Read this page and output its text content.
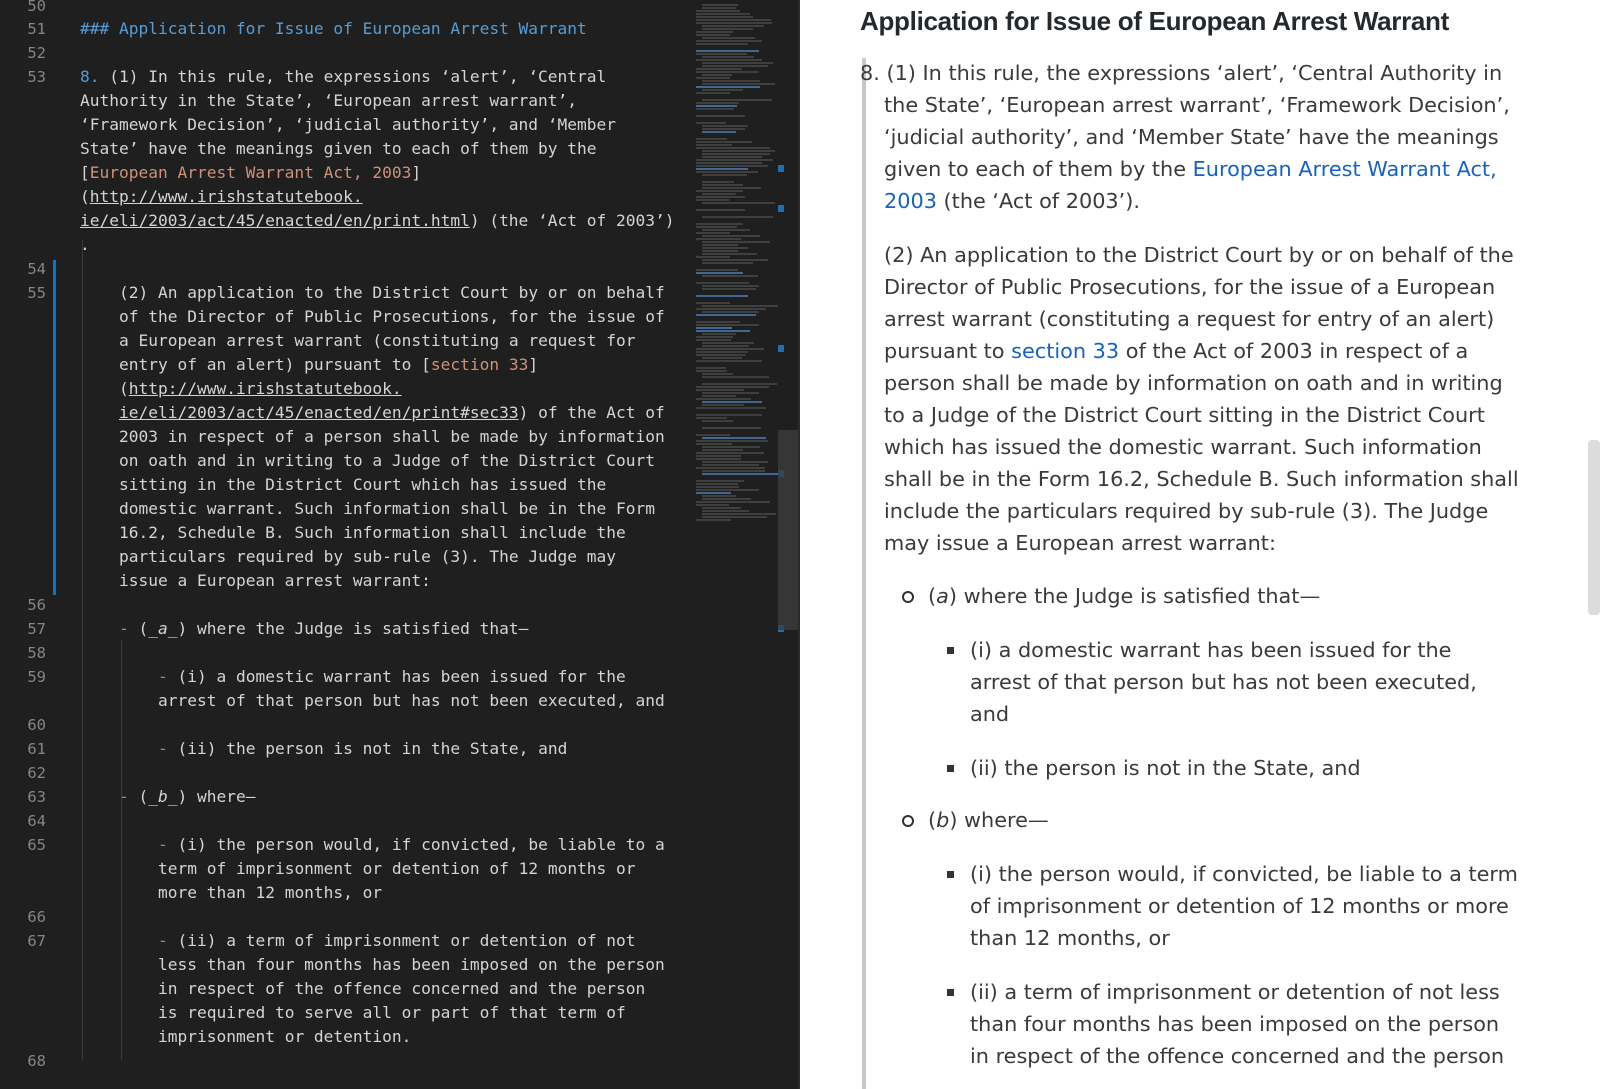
50
51
52
53
54
55
56
57
58
59
60
61
62
63
64
65
66
67
68
### Application for Issue of European Arrest Warrant
8. (1) In this rule, the expressions ‘alert’, ‘Central
Authority in the State’, ‘European arrest warrant’,
‘Framework Decision’, ‘judicial authority’, and ‘Member
State’ have the meanings given to each of them by the
[European Arrest Warrant Act, 2003]
(http://www.irishstatutebook.
ie/eli/2003/act/45/enacted/en/print.html) (the ‘Act of 2003’)
.
(2) An application to the District Court by or on behalf
of the Director of Public Prosecutions, for the issue of
a European arrest warrant (constituting a request for
entry of an alert) pursuant to [section 33]
(http://www.irishstatutebook.
ie/eli/2003/act/45/enacted/en/print#sec33) of the Act of
2003 in respect of a person shall be made by information
on oath and in writing to a Judge of the District Court
sitting in the District Court which has issued the
domestic warrant. Such information shall be in the Form
16.2, Schedule B. Such information shall include the
particulars required by sub-rule (3). The Judge may
issue a European arrest warrant:
- (_a_) where the Judge is satisfied that—
- (i) a domestic warrant has been issued for the
arrest of that person but has not been executed, and
- (ii) the person is not in the State, and
- (_b_) where—
- (i) the person would, if convicted, be liable to a
term of imprisonment or detention of 12 months or
more than 12 months, or
- (ii) a term of imprisonment or detention of not
less than four months has been imposed on the person
in respect of the offence concerned and the person
is required to serve all or part of that term of
imprisonment or detention.
Application for Issue of European Arrest Warrant
8. (1) In this rule, the expressions ‘alert’, ‘Central Authority in
the State’, ‘European arrest warrant’, ‘Framework Decision’,
‘judicial authority’, and ‘Member State’ have the meanings
given to each of them by the European Arrest Warrant Act,
2003 (the ‘Act of 2003’).
(2) An application to the District Court by or on behalf of the
Director of Public Prosecutions, for the issue of a European
arrest warrant (constituting a request for entry of an alert)
pursuant to section 33 of the Act of 2003 in respect of a
person shall be made by information on oath and in writing
to a Judge of the District Court sitting in the District Court
which has issued the domestic warrant. Such information
shall be in the Form 16.2, Schedule B. Such information shall
include the particulars required by sub-rule (3). The Judge
may issue a European arrest warrant:
(a) where the Judge is satisfied that—
(i) a domestic warrant has been issued for the
arrest of that person but has not been executed,
and
(ii) the person is not in the State, and
(b) where—
(i) the person would, if convicted, be liable to a term
of imprisonment or detention of 12 months or more
than 12 months, or
(ii) a term of imprisonment or detention of not less
than four months has been imposed on the person
in respect of the offence concerned and the person
